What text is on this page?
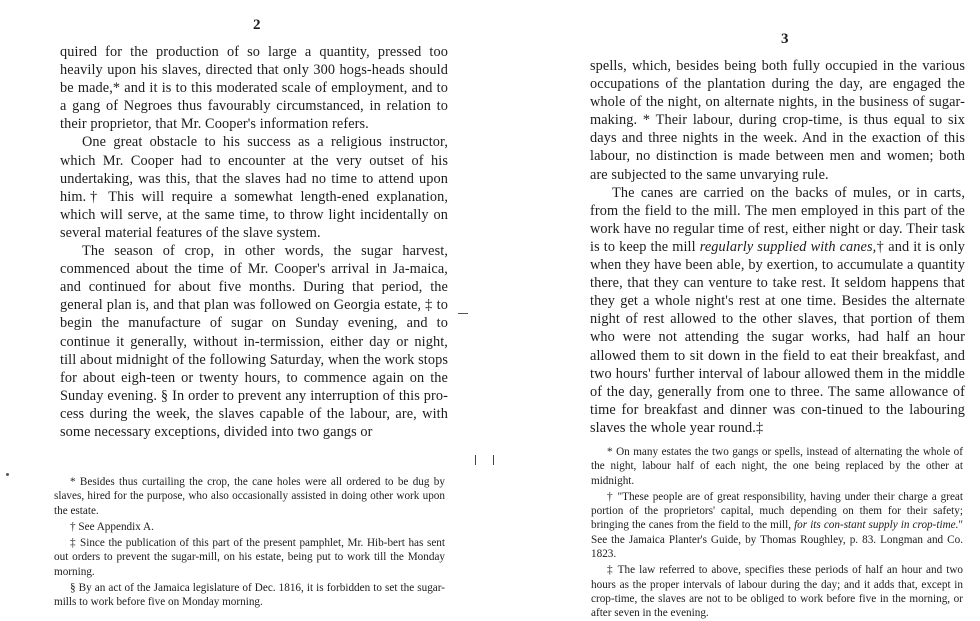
2

quired for the production of so large a quantity, pressed too heavily upon his slaves, directed that only 300 hogs-heads should be made,* and it is to this moderated scale of employment, and to a gang of Negroes thus favourably circumstanced, in relation to their proprietor, that Mr. Cooper's information refers.

One great obstacle to his success as a religious instructor, which Mr. Cooper had to encounter at the very outset of his undertaking, was this, that the slaves had no time to attend upon him.† This will require a somewhat length-ened explanation, which will serve, at the same time, to throw light incidentally on several material features of the slave system.

The season of crop, in other words, the sugar harvest, commenced about the time of Mr. Cooper's arrival in Ja-maica, and continued for about five months. During that period, the general plan is, and that plan was followed on Georgia estate, ‡ to begin the manufacture of sugar on Sunday evening, and to continue it generally, without in-termission, either day or night, till about midnight of the following Saturday, when the work stops for about eigh-teen or twenty hours, to commence again on the Sunday evening. § In order to prevent any interruption of this pro-cess during the week, the slaves capable of the labour, are, with some necessary exceptions, divided into two gangs or

* Besides thus curtailing the crop, the cane holes were all ordered to be dug by slaves, hired for the purpose, who also occasionally assisted in doing other work upon the estate.

† See Appendix A.

‡ Since the publication of this part of the present pamphlet, Mr. Hib-bert has sent out orders to prevent the sugar-mill, on his estate, being put to work till the Monday morning.

§ By an act of the Jamaica legislature of Dec. 1816, it is forbidden to set the sugar-mills to work before five on Monday morning.

3

spells, which, besides being both fully occupied in the various occupations of the plantation during the day, are engaged the whole of the night, on alternate nights, in the business of sugar-making. * Their labour, during crop-time, is thus equal to six days and three nights in the week. And in the exaction of this labour, no distinction is made between men and women; both are subjected to the same unvarying rule.

The canes are carried on the backs of mules, or in carts, from the field to the mill. The men employed in this part of the work have no regular time of rest, either night or day. Their task is to keep the mill regularly supplied with canes,† and it is only when they have been able, by exertion, to accumulate a quantity there, that they can venture to take rest. It seldom happens that they get a whole night's rest at one time. Besides the alternate night of rest allowed to the other slaves, that portion of them who were not attending the sugar works, had half an hour allowed them to sit down in the field to eat their breakfast, and two hours' further interval of labour allowed them in the middle of the day, generally from one to three. The same allowance of time for breakfast and dinner was con-tinued to the labouring slaves the whole year round.‡

* On many estates the two gangs or spells, instead of alternating the whole of the night, labour half of each night, the one being replaced by the other at midnight.

† "These people are of great responsibility, having under their charge a great portion of the proprietors' capital, much depending on them for their safety; bringing the canes from the field to the mill, for its con-stant supply in crop-time." See the Jamaica Planter's Guide, by Thomas Roughley, p. 83. Longman and Co. 1823.

‡ The law referred to above, specifies these periods of half an hour and two hours as the proper intervals of labour during the day; and it adds that, except in crop-time, the slaves are not to be obliged to work before five in the morning, or after seven in the evening.
